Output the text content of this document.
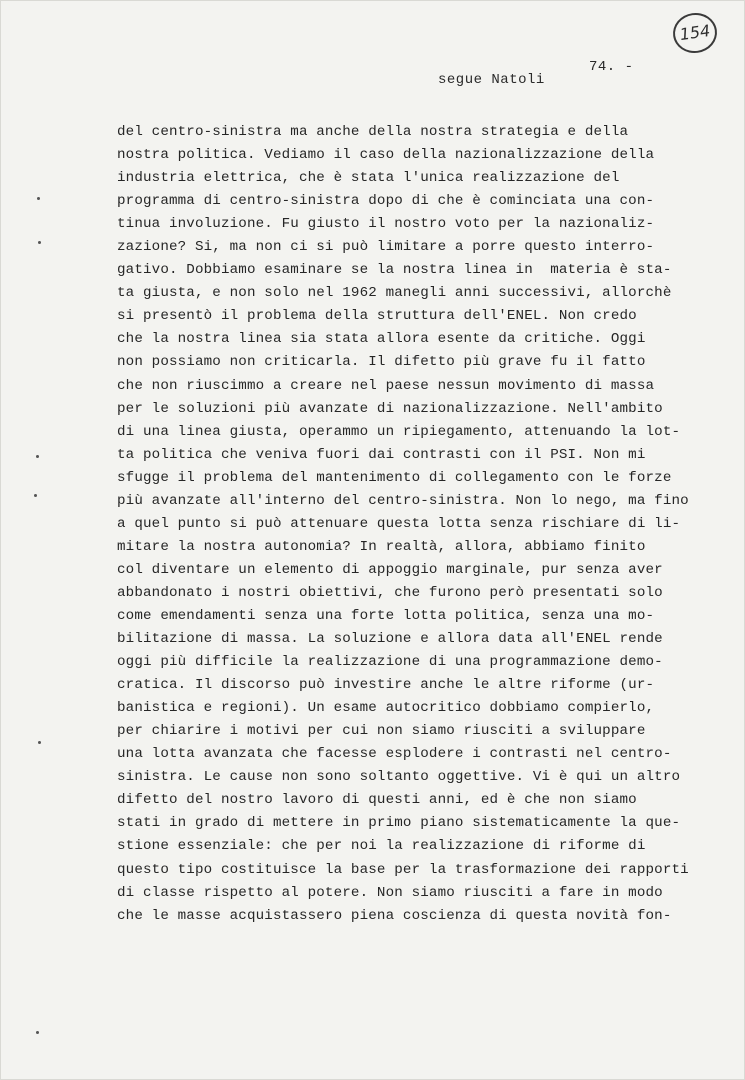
154
74. -
segue Natoli
del centro-sinistra ma anche della nostra strategia e della
nostra politica. Vediamo il caso della nazionalizzazione della
industria elettrica, che è stata l'unica realizzazione del
programma di centro-sinistra dopo di che è cominciata una con-
tinua involuzione. Fu giusto il nostro voto per la nazionaliz-
zazione? Si, ma non ci si può limitare a porre questo interro-
gativo. Dobbiamo esaminare se la nostra linea in  materia è sta-
ta giusta, e non solo nel 1962 manegli anni successivi, allorchè
si presentò il problema della struttura dell'ENEL. Non credo
che la nostra linea sia stata allora esente da critiche. Oggi
non possiamo non criticarla. Il difetto più grave fu il fatto
che non riuscimmo a creare nel paese nessun movimento di massa
per le soluzioni più avanzate di nazionalizzazione. Nell'ambito
di una linea giusta, operammo un ripiegamento, attenuando la lot-
ta politica che veniva fuori dai contrasti con il PSI. Non mi
sfugge il problema del mantenimento di collegamento con le forze
più avanzate all'interno del centro-sinistra. Non lo nego, ma fino
a quel punto si può attenuare questa lotta senza rischiare di li-
mitare la nostra autonomia? In realtà, allora, abbiamo finito
col diventare un elemento di appoggio marginale, pur senza aver
abbandonato i nostri obiettivi, che furono però presentati solo
come emendamenti senza una forte lotta politica, senza una mo-
bilitazione di massa. La soluzione e allora data all'ENEL rende
oggi più difficile la realizzazione di una programmazione demo-
cratica. Il discorso può investire anche le altre riforme (ur-
banistica e regioni). Un esame autocritico dobbiamo compierlo,
per chiarire i motivi per cui non siamo riusciti a sviluppare
una lotta avanzata che facesse esplodere i contrasti nel centro-
sinistra. Le cause non sono soltanto oggettive. Vi è qui un altro
difetto del nostro lavoro di questi anni, ed è che non siamo
stati in grado di mettere in primo piano sistematicamente la que-
stione essenziale: che per noi la realizzazione di riforme di
questo tipo costituisce la base per la trasformazione dei rapporti
di classe rispetto al potere. Non siamo riusciti a fare in modo
che le masse acquistassero piena coscienza di questa novità fon-
